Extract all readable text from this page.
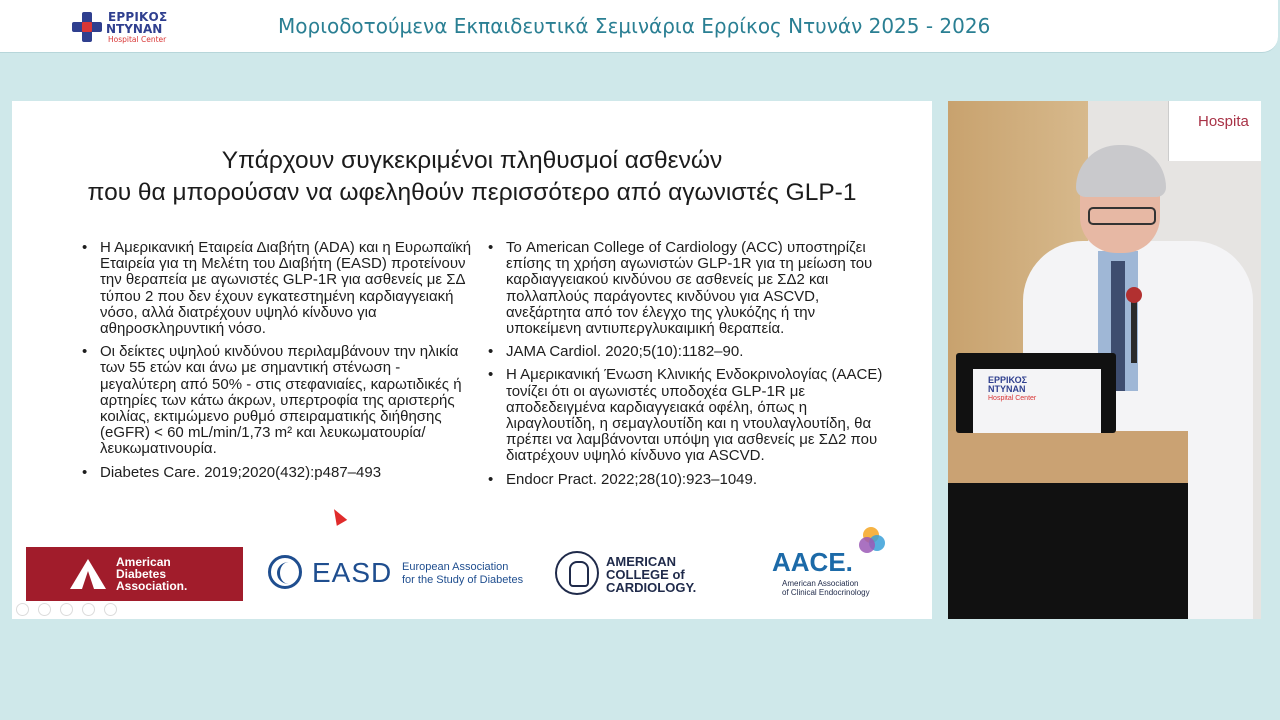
ΕΡΡΙΚΟΣ
ΝΤΥΝΑΝ
Hospital Center
Μοριοδοτούμενα Εκπαιδευτικά Σεμινάρια Ερρίκος Ντυνάν 2025 - 2026
Υπάρχουν συγκεκριμένοι πληθυσμοί ασθενών
που θα μπορούσαν να ωφεληθούν περισσότερο από αγωνιστές GLP-1
• Η Αμερικανική Εταιρεία Διαβήτη (ADA) και η Ευρωπαϊκή Εταιρεία για τη Μελέτη του Διαβήτη (EASD) προτείνουν την θεραπεία με αγωνιστές GLP-1R για ασθενείς με ΣΔ τύπου 2 που δεν έχουν εγκατεστημένη καρδιαγγειακή νόσο, αλλά διατρέχουν υψηλό κίνδυνο για αθηροσκληρυντική νόσο.
• Οι δείκτες υψηλού κινδύνου περιλαμβάνουν την ηλικία των 55 ετών και άνω με σημαντική στένωση - μεγαλύτερη από 50% - στις στεφανιαίες, καρωτιδικές ή αρτηρίες των κάτω άκρων, υπερτροφία της αριστερής κοιλίας, εκτιμώμενο ρυθμό σπειραματικής διήθησης (eGFR) < 60 mL/min/1,73 m² και λευκωματουρία/λευκωματινουρία.
• Diabetes Care. 2019;2020(432):p487–493
• Το American College of Cardiology (ACC) υποστηρίζει επίσης τη χρήση αγωνιστών GLP-1R για τη μείωση του καρδιαγγειακού κινδύνου σε ασθενείς με ΣΔ2 και πολλαπλούς παράγοντες κινδύνου για ASCVD, ανεξάρτητα από τον έλεγχο της γλυκόζης ή την υποκείμενη αντιυπεργλυκαιμική θεραπεία.
• JAMA Cardiol. 2020;5(10):1182–90.
• Η Αμερικανική Ένωση Κλινικής Ενδοκρινολογίας (AACE) τονίζει ότι οι αγωνιστές υποδοχέα GLP-1R με αποδεδειγμένα καρδιαγγειακά οφέλη, όπως η λιραγλουτίδη, η σεμαγλουτίδη και η ντουλαγλουτίδη, θα πρέπει να λαμβάνονται υπόψη για ασθενείς με ΣΔ2 που διατρέχουν υψηλό κίνδυνο για ASCVD.
• Endocr Pract. 2022;28(10):923–1049.
American
Diabetes
Association.	EASD European Association
for the Study of Diabetes
AMERICAN
COLLEGE of
CARDIOLOGY.
AACE.
American Association
of Clinical Endocrinology

Hospita
ΕΡΡΙΚΟΣ
ΝΤΥΝΑΝ
Hospital Center
